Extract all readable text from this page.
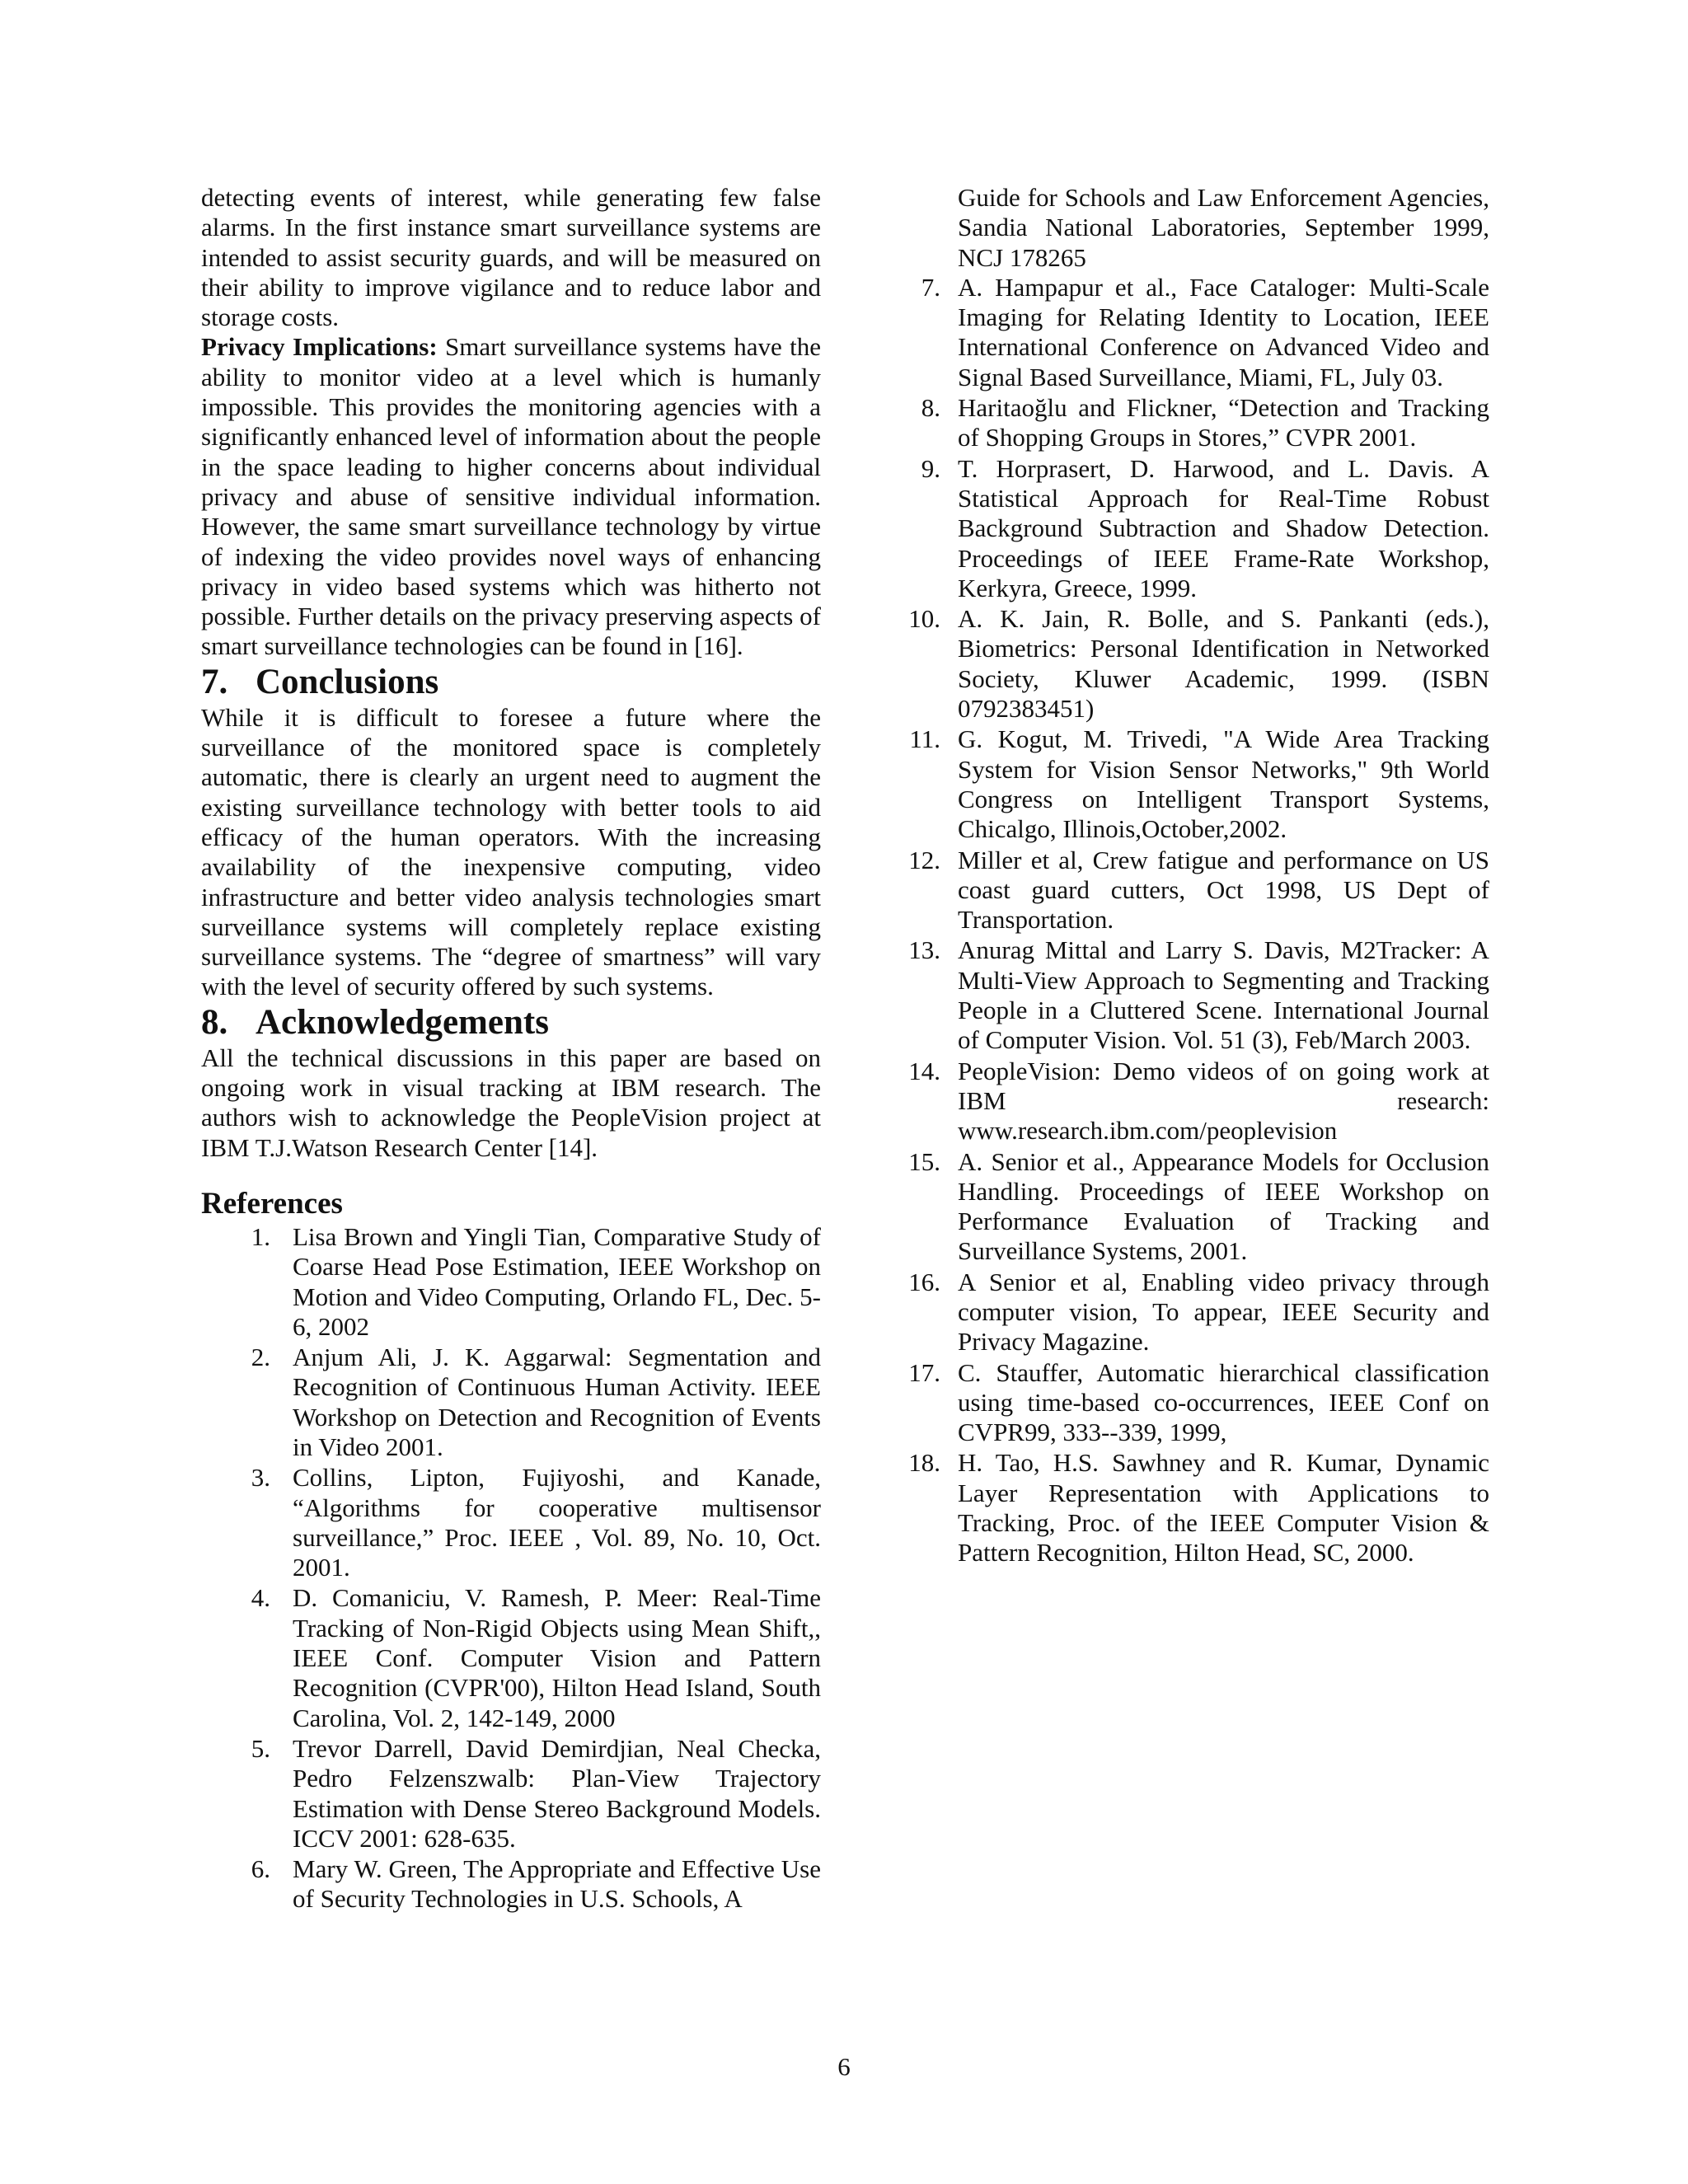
detecting events of interest, while generating few false alarms. In the first instance smart surveillance systems are intended to assist security guards, and will be measured on their ability to improve vigilance and to reduce labor and storage costs.

Privacy Implications: Smart surveillance systems have the ability to monitor video at a level which is humanly impossible. This provides the monitoring agencies with a significantly enhanced level of information about the people in the space leading to higher concerns about individual privacy and abuse of sensitive individual information. However, the same smart surveillance technology by virtue of indexing the video provides novel ways of enhancing privacy in video based systems which was hitherto not possible. Further details on the privacy preserving aspects of smart surveillance technologies can be found in [16].

7. Conclusions

While it is difficult to foresee a future where the surveillance of the monitored space is completely automatic, there is clearly an urgent need to augment the existing surveillance technology with better tools to aid efficacy of the human operators. With the increasing availability of the inexpensive computing, video infrastructure and better video analysis technologies smart surveillance systems will completely replace existing surveillance systems. The “degree of smartness” will vary with the level of security offered by such systems.

8. Acknowledgements

All the technical discussions in this paper are based on ongoing work in visual tracking at IBM research. The authors wish to acknowledge the PeopleVision project at IBM T.J.Watson Research Center [14].

References
1. Lisa Brown and Yingli Tian, Comparative Study of Coarse Head Pose Estimation, IEEE Workshop on Motion and Video Computing, Orlando FL, Dec. 5-6, 2002
2. Anjum Ali, J. K. Aggarwal: Segmentation and Recognition of Continuous Human Activity. IEEE Workshop on Detection and Recognition of Events in Video 2001.
3. Collins, Lipton, Fujiyoshi, and Kanade, “Algorithms for cooperative multisensor surveillance,” Proc. IEEE , Vol. 89, No. 10, Oct. 2001.
4. D. Comaniciu, V. Ramesh, P. Meer: Real-Time Tracking of Non-Rigid Objects using Mean Shift,, IEEE Conf. Computer Vision and Pattern Recognition (CVPR'00), Hilton Head Island, South Carolina, Vol. 2, 142-149, 2000
5. Trevor Darrell, David Demirdjian, Neal Checka, Pedro Felzenszwalb: Plan-View Trajectory Estimation with Dense Stereo Background Models. ICCV 2001: 628-635.
6. Mary W. Green, The Appropriate and Effective Use of Security Technologies in U.S. Schools, A

Guide for Schools and Law Enforcement Agencies, Sandia National Laboratories, September 1999, NCJ 178265

7. A. Hampapur et al., Face Cataloger: Multi-Scale Imaging for Relating Identity to Location, IEEE International Conference on Advanced Video and Signal Based Surveillance, Miami, FL, July 03.
8. Haritaoğlu and Flickner, “Detection and Tracking of Shopping Groups in Stores,” CVPR 2001.
9. T. Horprasert, D. Harwood, and L. Davis. A Statistical Approach for Real-Time Robust Background Subtraction and Shadow Detection. Proceedings of IEEE Frame-Rate Workshop, Kerkyra, Greece, 1999.
10. A. K. Jain, R. Bolle, and S. Pankanti (eds.), Biometrics: Personal Identification in Networked Society, Kluwer Academic, 1999. (ISBN 0792383451)
11. G. Kogut, M. Trivedi, "A Wide Area Tracking System for Vision Sensor Networks," 9th World Congress on Intelligent Transport Systems, Chicalgo, Illinois,October,2002.
12. Miller et al, Crew fatigue and performance on US coast guard cutters, Oct 1998, US Dept of Transportation.
13. Anurag Mittal and Larry S. Davis, M2Tracker: A Multi-View Approach to Segmenting and Tracking People in a Cluttered Scene. International Journal of Computer Vision. Vol. 51 (3), Feb/March 2003.
14. PeopleVision: Demo videos of on going work at IBM research: www.research.ibm.com/peoplevision
15. A. Senior et al., Appearance Models for Occlusion Handling. Proceedings of IEEE Workshop on Performance Evaluation of Tracking and Surveillance Systems, 2001.
16. A Senior et al, Enabling video privacy through computer vision, To appear, IEEE Security and Privacy Magazine.
17. C. Stauffer, Automatic hierarchical classification using time-based co-occurrences, IEEE Conf on CVPR99, 333--339, 1999,
18. H. Tao, H.S. Sawhney and R. Kumar, Dynamic Layer Representation with Applications to Tracking, Proc. of the IEEE Computer Vision & Pattern Recognition, Hilton Head, SC, 2000.
6
